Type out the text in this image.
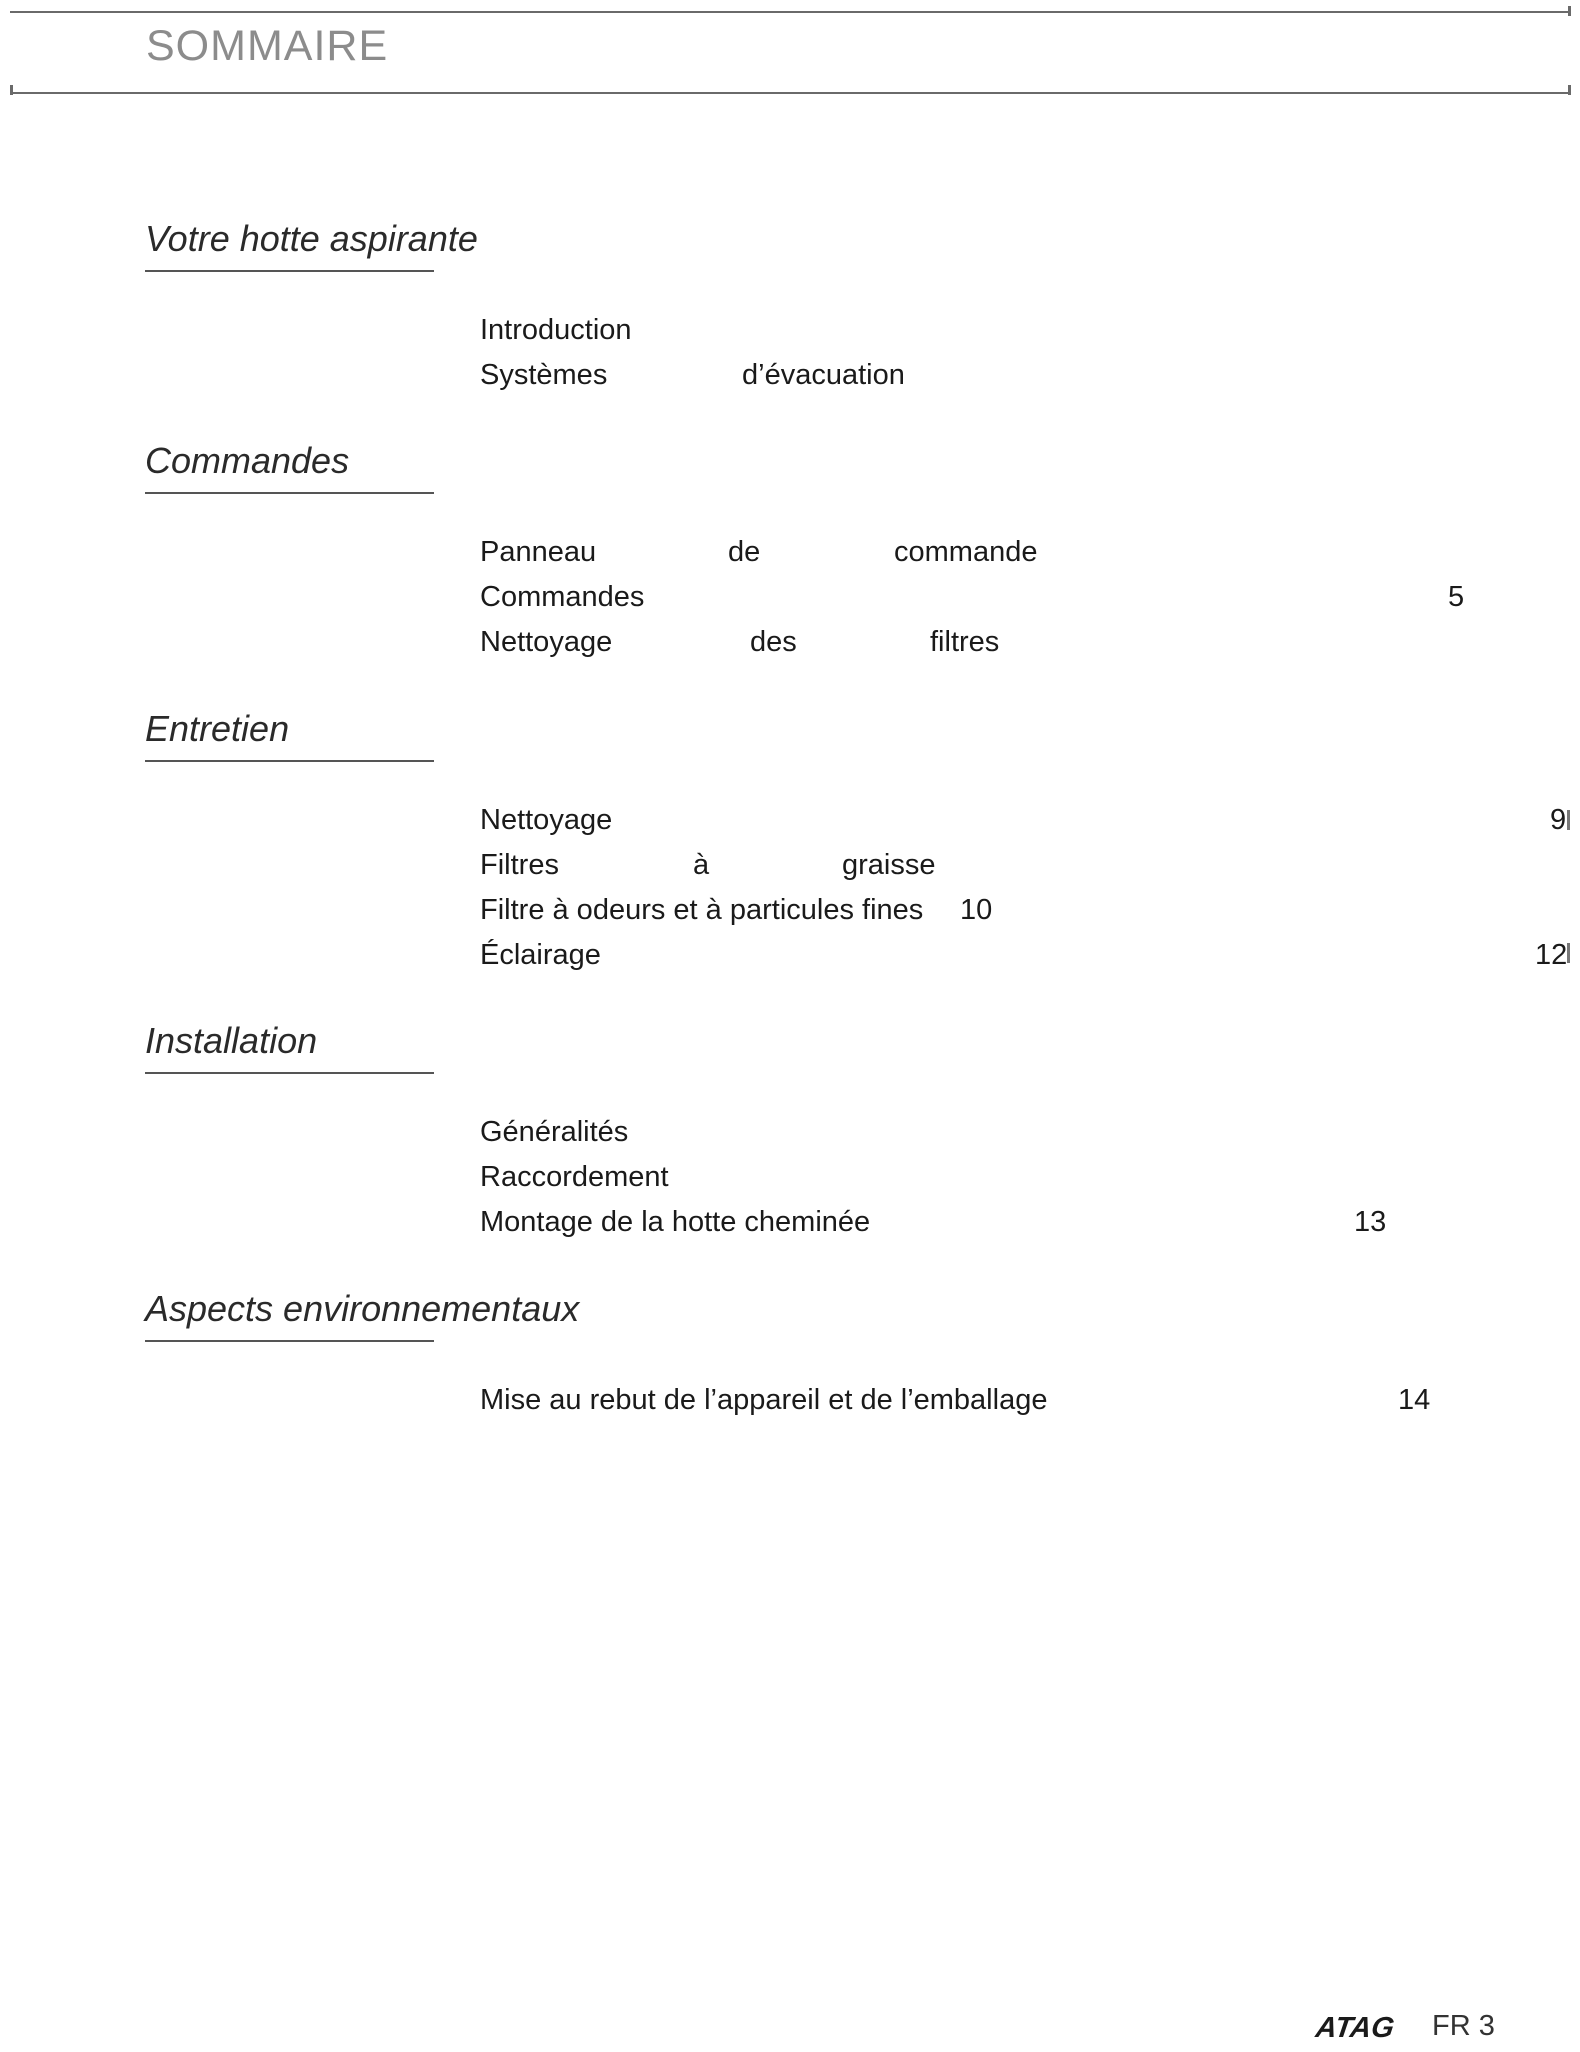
SOMMAIRE
Votre hotte aspirante
Introduction
Systèmes	d’évacuation
Commandes
Panneau	de	commande
Commandes	5
Nettoyage	des	filtres
Entretien
Nettoyage	9
Filtres	à	graisse
Filtre à odeurs et à particules fines 10
Éclairage	12
Installation
Généralités
Raccordement
Montage de la hotte cheminée	13
Aspects environnementaux
Mise au rebut de l’appareil et de l’emballage	14
ATAG FR 3
